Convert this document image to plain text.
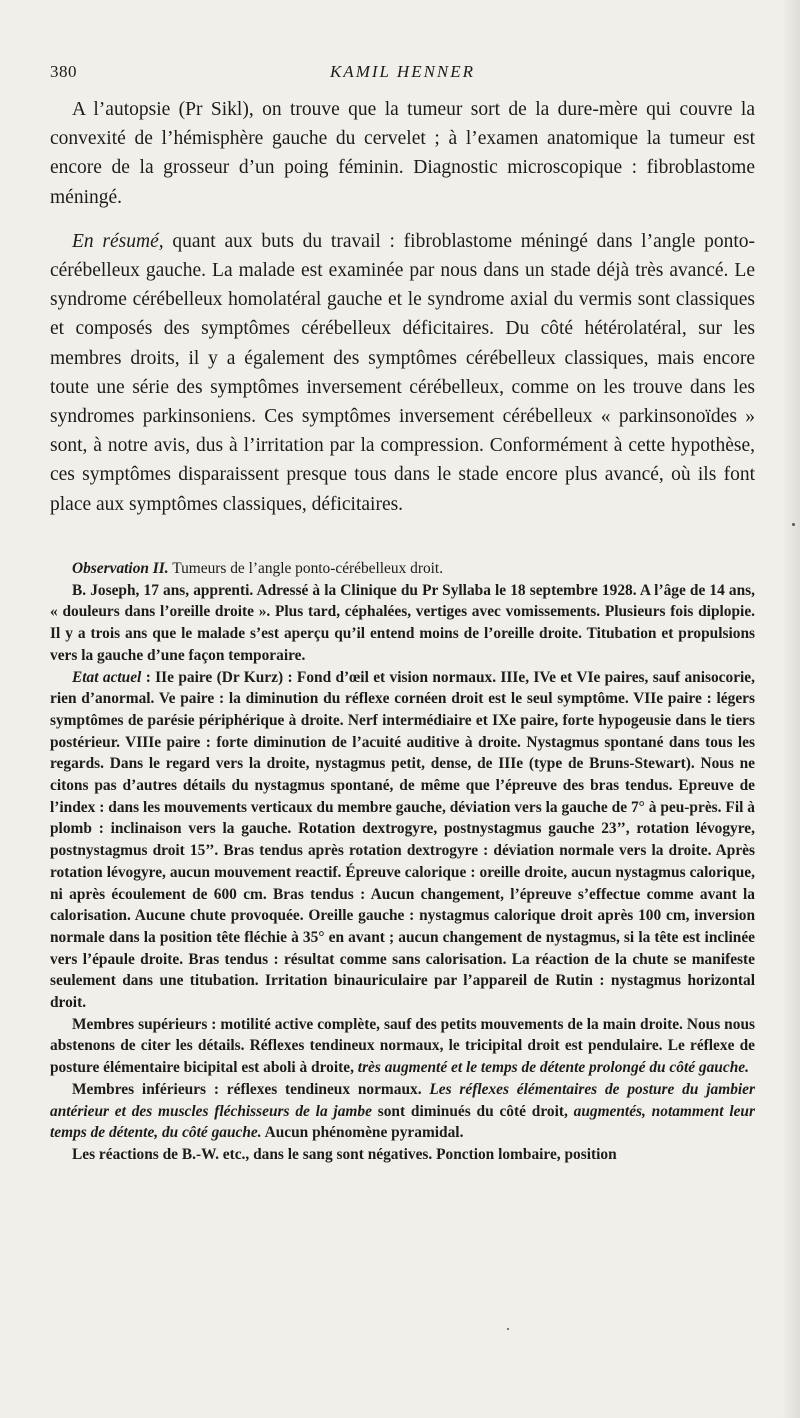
380	KAMIL HENNER

A l’autopsie (Pr Sikl), on trouve que la tumeur sort de la dure-mère qui couvre la convexité de l’hémisphère gauche du cervelet ; à l’examen anatomique la tumeur est encore de la grosseur d’un poing féminin. Diagnostic microscopique : fibroblastome méningé.

En résumé, quant aux buts du travail : fibroblastome méningé dans l’angle ponto-cérébelleux gauche. La malade est examinée par nous dans un stade déjà très avancé. Le syndrome cérébelleux homolatéral gauche et le syndrome axial du vermis sont classiques et composés des symptômes cérébelleux déficitaires. Du côté hétérolatéral, sur les membres droits, il y a également des symptômes cérébelleux classiques, mais encore toute une série des symptômes inversement cérébelleux, comme on les trouve dans les syndromes parkinsoniens. Ces symptômes inversement cérébelleux « parkinsonoïdes » sont, à notre avis, dus à l’irritation par la compression. Conformément à cette hypothèse, ces symptômes disparaissent presque tous dans le stade encore plus avancé, où ils font place aux symptômes classiques, déficitaires.

Observation II. Tumeurs de l’angle ponto-cérébelleux droit.

B. Joseph, 17 ans, apprenti. Adressé à la Clinique du Pr Syllaba le 18 septembre 1928. A l’âge de 14 ans, « douleurs dans l’oreille droite ». Plus tard, céphalées, vertiges avec vomissements. Plusieurs fois diplopie. Il y a trois ans que le malade s’est aperçu qu’il entend moins de l’oreille droite. Titubation et propulsions vers la gauche d’une façon temporaire.

Etat actuel : IIe paire (Dr Kurz) : Fond d’œil et vision normaux. IIIe, IVe et VIe paires, sauf anisocorie, rien d’anormal. Ve paire : la diminution du réflexe cornéen droit est le seul symptôme. VIIe paire : légers symptômes de parésie périphérique à droite. Nerf intermédiaire et IXe paire, forte hypogeusie dans le tiers postérieur. VIIIe paire : forte diminution de l’acuité auditive à droite. Nystagmus spontané dans tous les regards. Dans le regard vers la droite, nystagmus petit, dense, de IIIe (type de Bruns-Stewart). Nous ne citons pas d’autres détails du nystagmus spontané, de même que l’épreuve des bras tendus. Epreuve de l’index : dans les mouvements verticaux du membre gauche, déviation vers la gauche de 7° à peu-près. Fil à plomb : inclinaison vers la gauche. Rotation dextrogyre, postnystagmus gauche 23’’, rotation lévogyre, postnystagmus droit 15’’. Bras tendus après rotation dextrogyre : déviation normale vers la droite. Après rotation lévogyre, aucun mouvement reactif. Épreuve calorique : oreille droite, aucun nystagmus calorique, ni après écoulement de 600 cm. Bras tendus : Aucun changement, l’épreuve s’effectue comme avant la calorisation. Aucune chute provoquée. Oreille gauche : nystagmus calorique droit après 100 cm, inversion normale dans la position tête fléchie à 35° en avant ; aucun changement de nystagmus, si la tête est inclinée vers l’épaule droite. Bras tendus : résultat comme sans calorisation. La réaction de la chute se manifeste seulement dans une titubation. Irritation binauriculaire par l’appareil de Rutin : nystagmus horizontal droit.

Membres supérieurs : motilité active complète, sauf des petits mouvements de la main droite. Nous nous abstenons de citer les détails. Réflexes tendineux normaux, le tricipital droit est pendulaire. Le réflexe de posture élémentaire bicipital est aboli à droite, très augmenté et le temps de détente prolongé du côté gauche.

Membres inférieurs : réflexes tendineux normaux. Les réflexes élémentaires de posture du jambier antérieur et des muscles fléchisseurs de la jambe sont diminués du côté droit, augmentés, notamment leur temps de détente, du côté gauche. Aucun phénomène pyramidal.

Les réactions de B.-W. etc., dans le sang sont négatives. Ponction lombaire, position
